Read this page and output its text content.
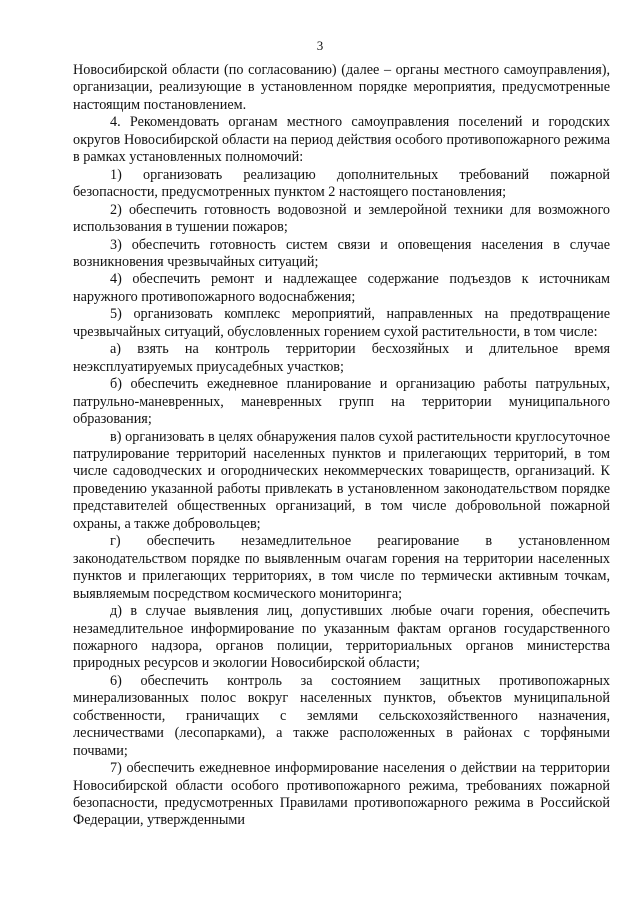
3

Новосибирской области (по согласованию) (далее – органы местного самоуправления), организации, реализующие в установленном порядке мероприятия, предусмотренные настоящим постановлением.

4. Рекомендовать органам местного самоуправления поселений и городских округов Новосибирской области на период действия особого противопожарного режима в рамках установленных полномочий:

1) организовать реализацию дополнительных требований пожарной безопасности, предусмотренных пунктом 2 настоящего постановления;

2) обеспечить готовность водовозной и землеройной техники для возможного использования в тушении пожаров;

3) обеспечить готовность систем связи и оповещения населения в случае возникновения чрезвычайных ситуаций;

4) обеспечить ремонт и надлежащее содержание подъездов к источникам наружного противопожарного водоснабжения;

5) организовать комплекс мероприятий, направленных на предотвращение чрезвычайных ситуаций, обусловленных горением сухой растительности, в том числе:

а) взять на контроль территории бесхозяйных и длительное время неэксплуатируемых приусадебных участков;

б) обеспечить ежедневное планирование и организацию работы патрульных, патрульно-маневренных, маневренных групп на территории муниципального образования;

в) организовать в целях обнаружения палов сухой растительности круглосуточное патрулирование территорий населенных пунктов и прилегающих территорий, в том числе садоводческих и огороднических некоммерческих товариществ, организаций. К проведению указанной работы привлекать в установленном законодательством порядке представителей общественных организаций, в том числе добровольной пожарной охраны, а также добровольцев;

г) обеспечить незамедлительное реагирование в установленном законодательством порядке по выявленным очагам горения на территории населенных пунктов и прилегающих территориях, в том числе по термически активным точкам, выявляемым посредством космического мониторинга;

д) в случае выявления лиц, допустивших любые очаги горения, обеспечить незамедлительное информирование по указанным фактам органов государственного пожарного надзора, органов полиции, территориальных органов министерства природных ресурсов и экологии Новосибирской области;

6) обеспечить контроль за состоянием защитных противопожарных минерализованных полос вокруг населенных пунктов, объектов муниципальной собственности, граничащих с землями сельскохозяйственного назначения, лесничествами (лесопарками), а также расположенных в районах с торфяными почвами;

7) обеспечить ежедневное информирование населения о действии на территории Новосибирской области особого противопожарного режима, требованиях пожарной безопасности, предусмотренных Правилами противопожарного режима в Российской Федерации, утвержденными
